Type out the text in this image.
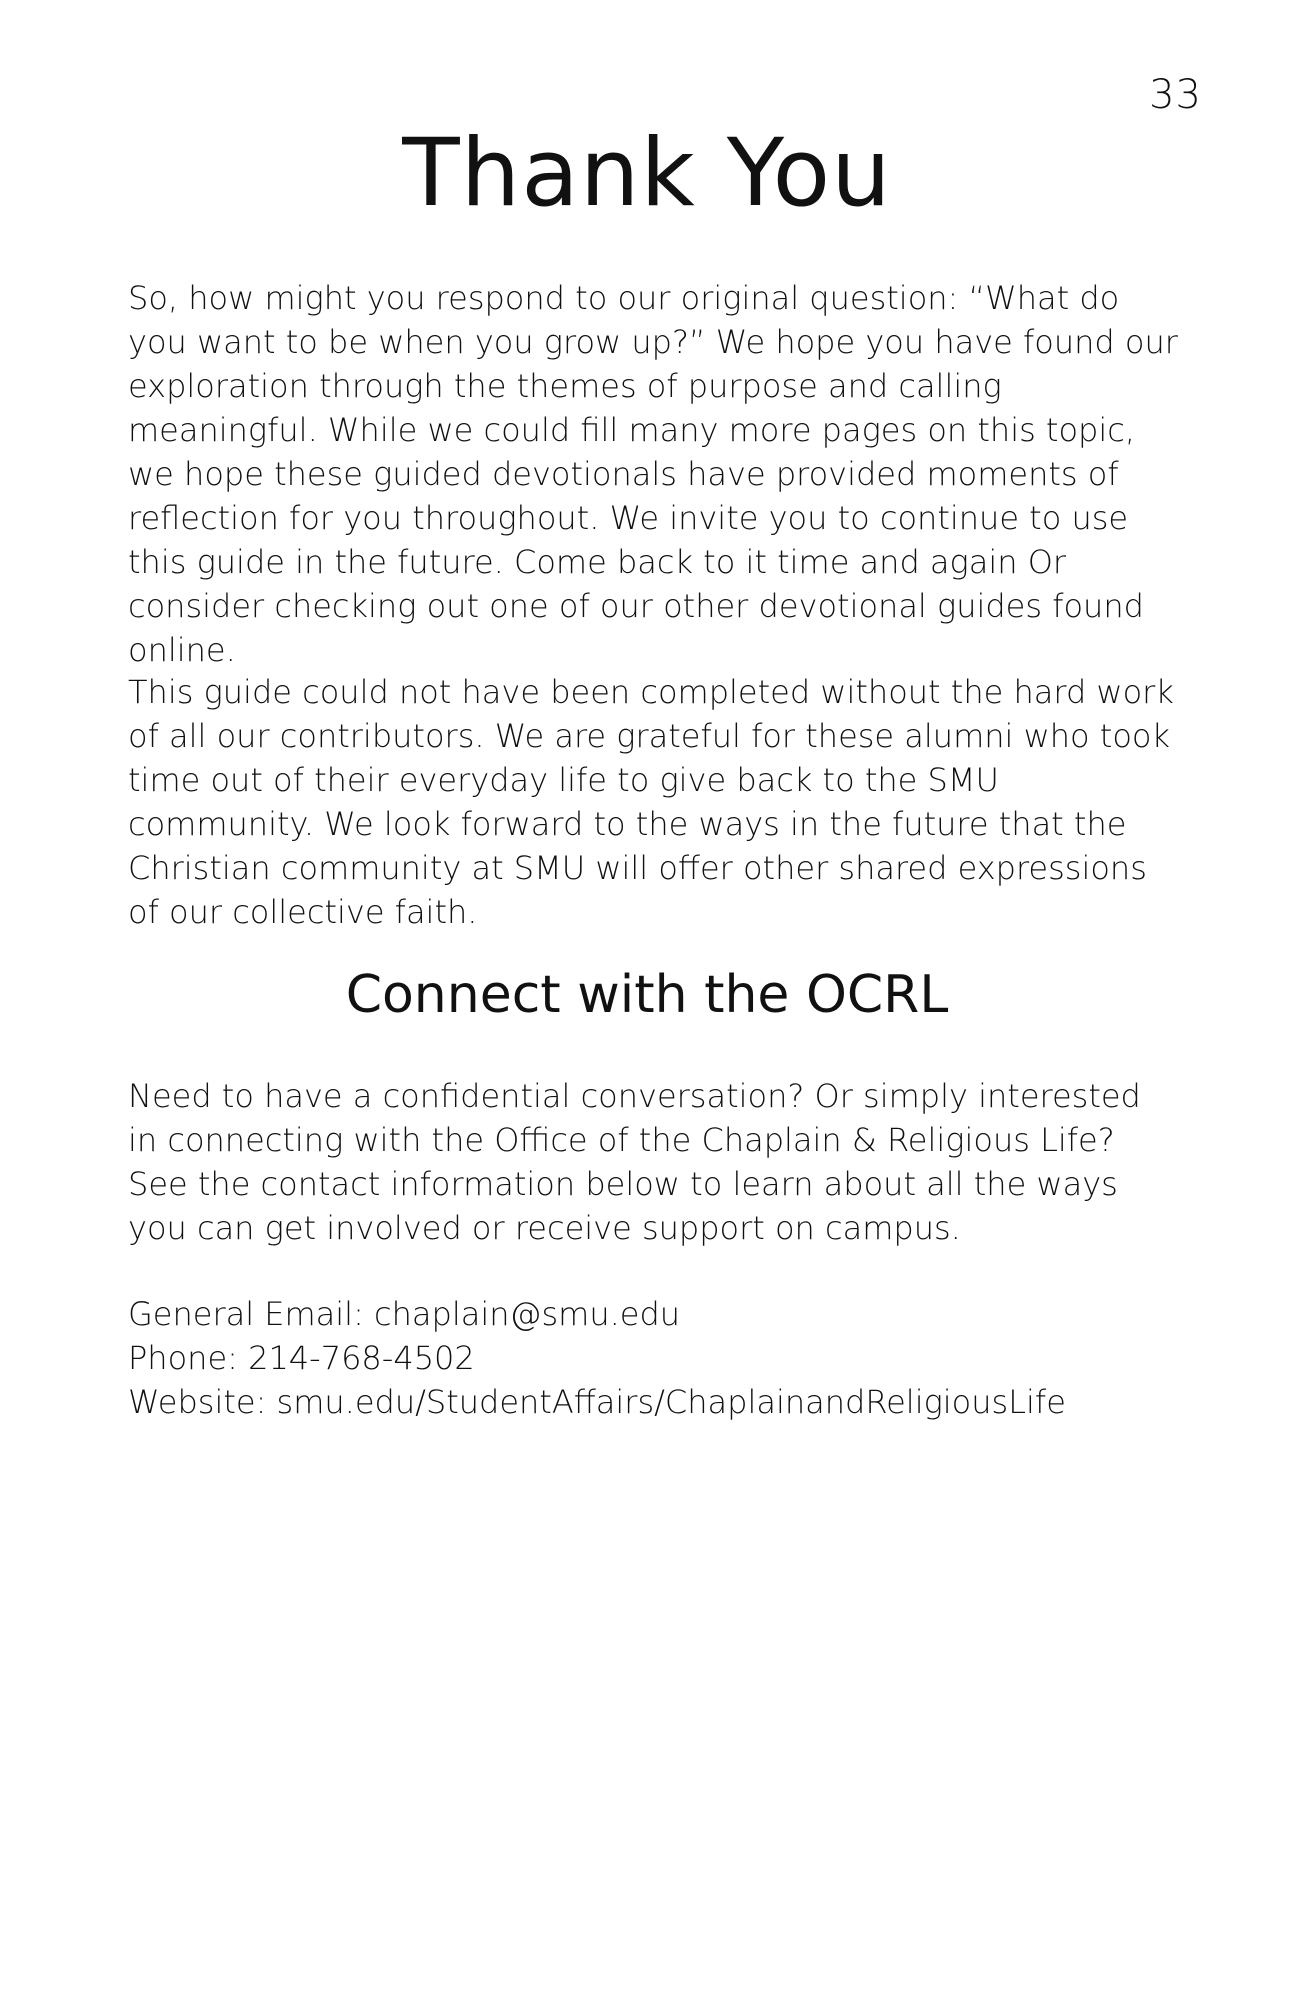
33
Thank You

So, how might you respond to our original question: “What do you want to be when you grow up?” We hope you have found our exploration through the themes of purpose and calling meaningful. While we could fill many more pages on this topic, we hope these guided devotionals have provided moments of reflection for you throughout. We invite you to continue to use this guide in the future. Come back to it time and again Or consider checking out one of our other devotional guides found online.

This guide could not have been completed without the hard work of all our contributors. We are grateful for these alumni who took time out of their everyday life to give back to the SMU community. We look forward to the ways in the future that the Christian community at SMU will offer other shared expressions of our collective faith.

Connect with the OCRL

Need to have a confidential conversation? Or simply interested in connecting with the Office of the Chaplain & Religious Life? See the contact information below to learn about all the ways you can get involved or receive support on campus.

General Email: chaplain@smu.edu
Phone: 214-768-4502
Website: smu.edu/StudentAffairs/ChaplainandReligiousLife
